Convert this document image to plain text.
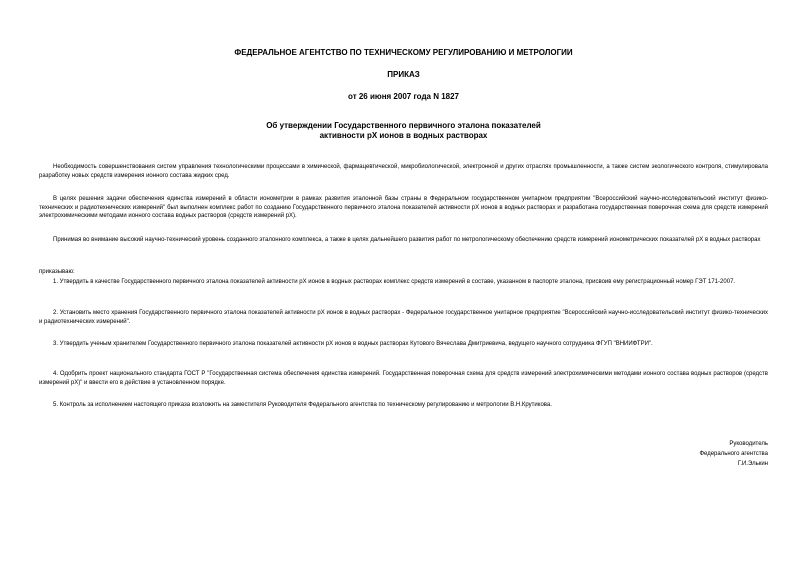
ФЕДЕРАЛЬНОЕ АГЕНТСТВО ПО ТЕХНИЧЕСКОМУ РЕГУЛИРОВАНИЮ И МЕТРОЛОГИИ

ПРИКАЗ

от 26 июня 2007 года N 1827

Об утверждении Государственного первичного эталона показателей
активности pX ионов в водных растворах

Необходимость совершенствования систем управления технологическими процессами в химической, фармацевтической, микробиологической, электронной и других отраслях промышленности, а также систем экологического контроля, стимулировала разработку новых средств измерения ионного состава жидких сред.

В целях решения задачи обеспечения единства измерений в области ионометрии в рамках развития эталонной базы страны в Федеральном государственном унитарном предприятии "Всероссийский научно-исследовательский институт физико-технических и радиотехнических измерений" был выполнен комплекс работ по созданию Государственного первичного эталона показателей активности pX ионов в водных растворах и разработана государственная поверочная схема для средств измерений электрохимическими методами ионного состава водных растворов (средств измерений pX).

Принимая во внимание высокий научно-технический уровень созданного эталонного комплекса, а также в целях дальнейшего развития работ по метрологическому обеспечению средств измерений ионометрических показателей pX в водных растворах

приказываю:

1. Утвердить в качестве Государственного первичного эталона показателей активности pX ионов в водных растворах комплекс средств измерений в составе, указанном в паспорте эталона, присвоив ему регистрационный номер ГЭТ 171-2007.

2. Установить место хранения Государственного первичного эталона показателей активности pX ионов в водных растворах - Федеральное государственное унитарное предприятие "Всероссийский научно-исследовательский институт физико-технических и радиотехнических измерений".

3. Утвердить ученым хранителем Государственного первичного эталона показателей активности pX ионов в водных растворах Кутового Вячеслава Дмитриевича, ведущего научного сотрудника ФГУП "ВНИИФТРИ".

4. Одобрить проект национального стандарта ГОСТ Р "Государственная система обеспечения единства измерений. Государственная поверочная схема для средств измерений электрохимическими методами ионного состава водных растворов (средств измерений pX)" и ввести его в действие в установленном порядке.

5. Контроль за исполнением настоящего приказа возложить на заместителя Руководителя Федерального агентства по техническому регулированию и метрологии В.Н.Крутикова.

Руководитель
Федерального агентства
Г.И.Элькин
